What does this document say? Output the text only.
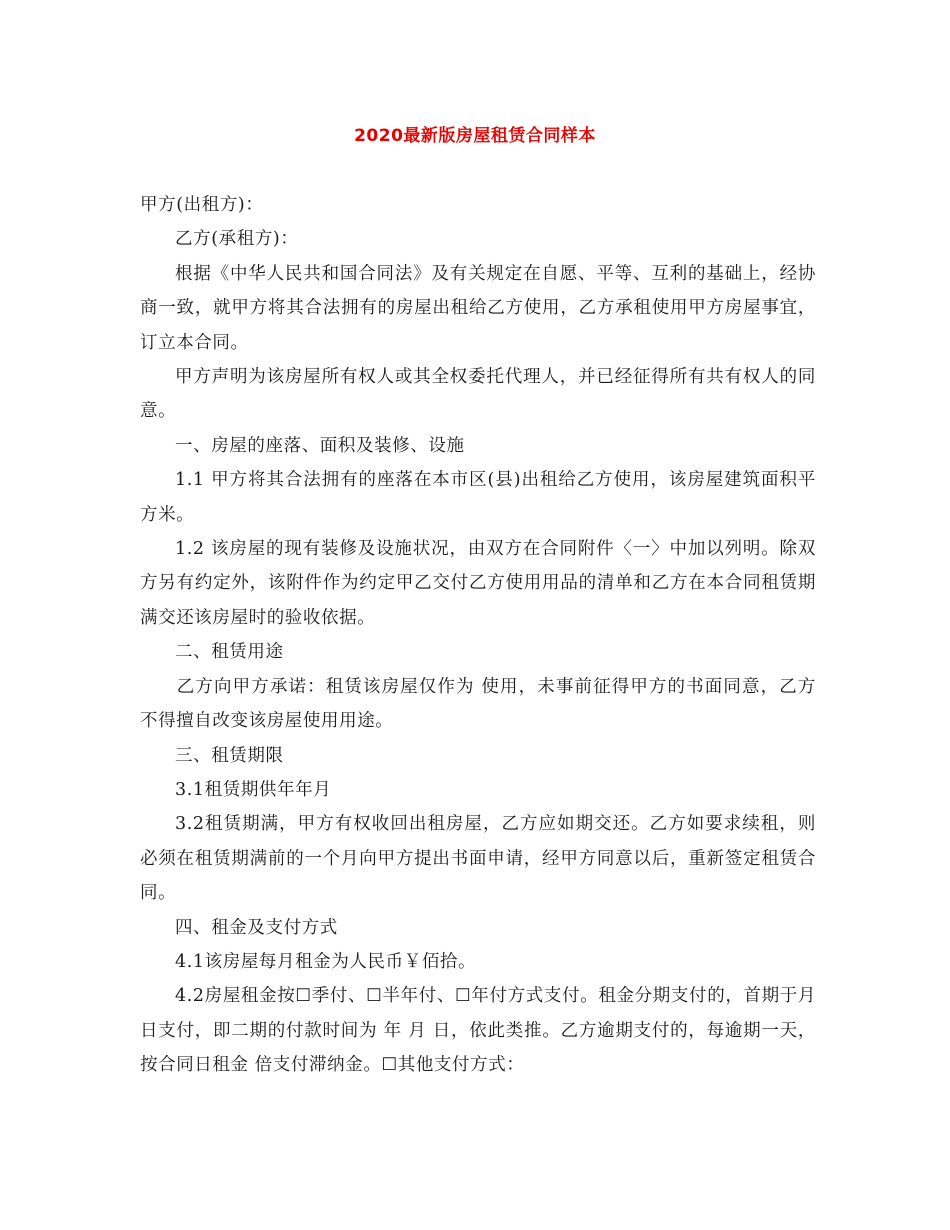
2020最新版房屋租赁合同样本

甲方(出租方)：

乙方(承租方)：

根据《中华人民共和国合同法》及有关规定在自愿、平等、互利的基础上，经协商一致，就甲方将其合法拥有的房屋出租给乙方使用，乙方承租使用甲方房屋事宜，订立本合同。

甲方声明为该房屋所有权人或其全权委托代理人，并已经征得所有共有权人的同意。

一、房屋的座落、面积及装修、设施

1.1 甲方将其合法拥有的座落在本市区(县)出租给乙方使用，该房屋建筑面积平方米。

1.2 该房屋的现有装修及设施状况，由双方在合同附件〈一〉中加以列明。除双方另有约定外，该附件作为约定甲乙交付乙方使用用品的清单和乙方在本合同租赁期满交还该房屋时的验收依据。

二、租赁用途

乙方向甲方承诺：租赁该房屋仅作为 使用，未事前征得甲方的书面同意，乙方不得擅自改变该房屋使用用途。

三、租赁期限

3.1租赁期供年年月

3.2租赁期满，甲方有权收回出租房屋，乙方应如期交还。乙方如要求续租，则必须在租赁期满前的一个月向甲方提出书面申请，经甲方同意以后，重新签定租赁合同。

四、租金及支付方式

4.1该房屋每月租金为人民币￥佰拾。

4.2房屋租金按☐季付、☐半年付、☐年付方式支付。租金分期支付的，首期于月日支付，即二期的付款时间为 年 月 日，依此类推。乙方逾期支付的，每逾期一天，按合同日租金 倍支付滞纳金。☐其他支付方式：
